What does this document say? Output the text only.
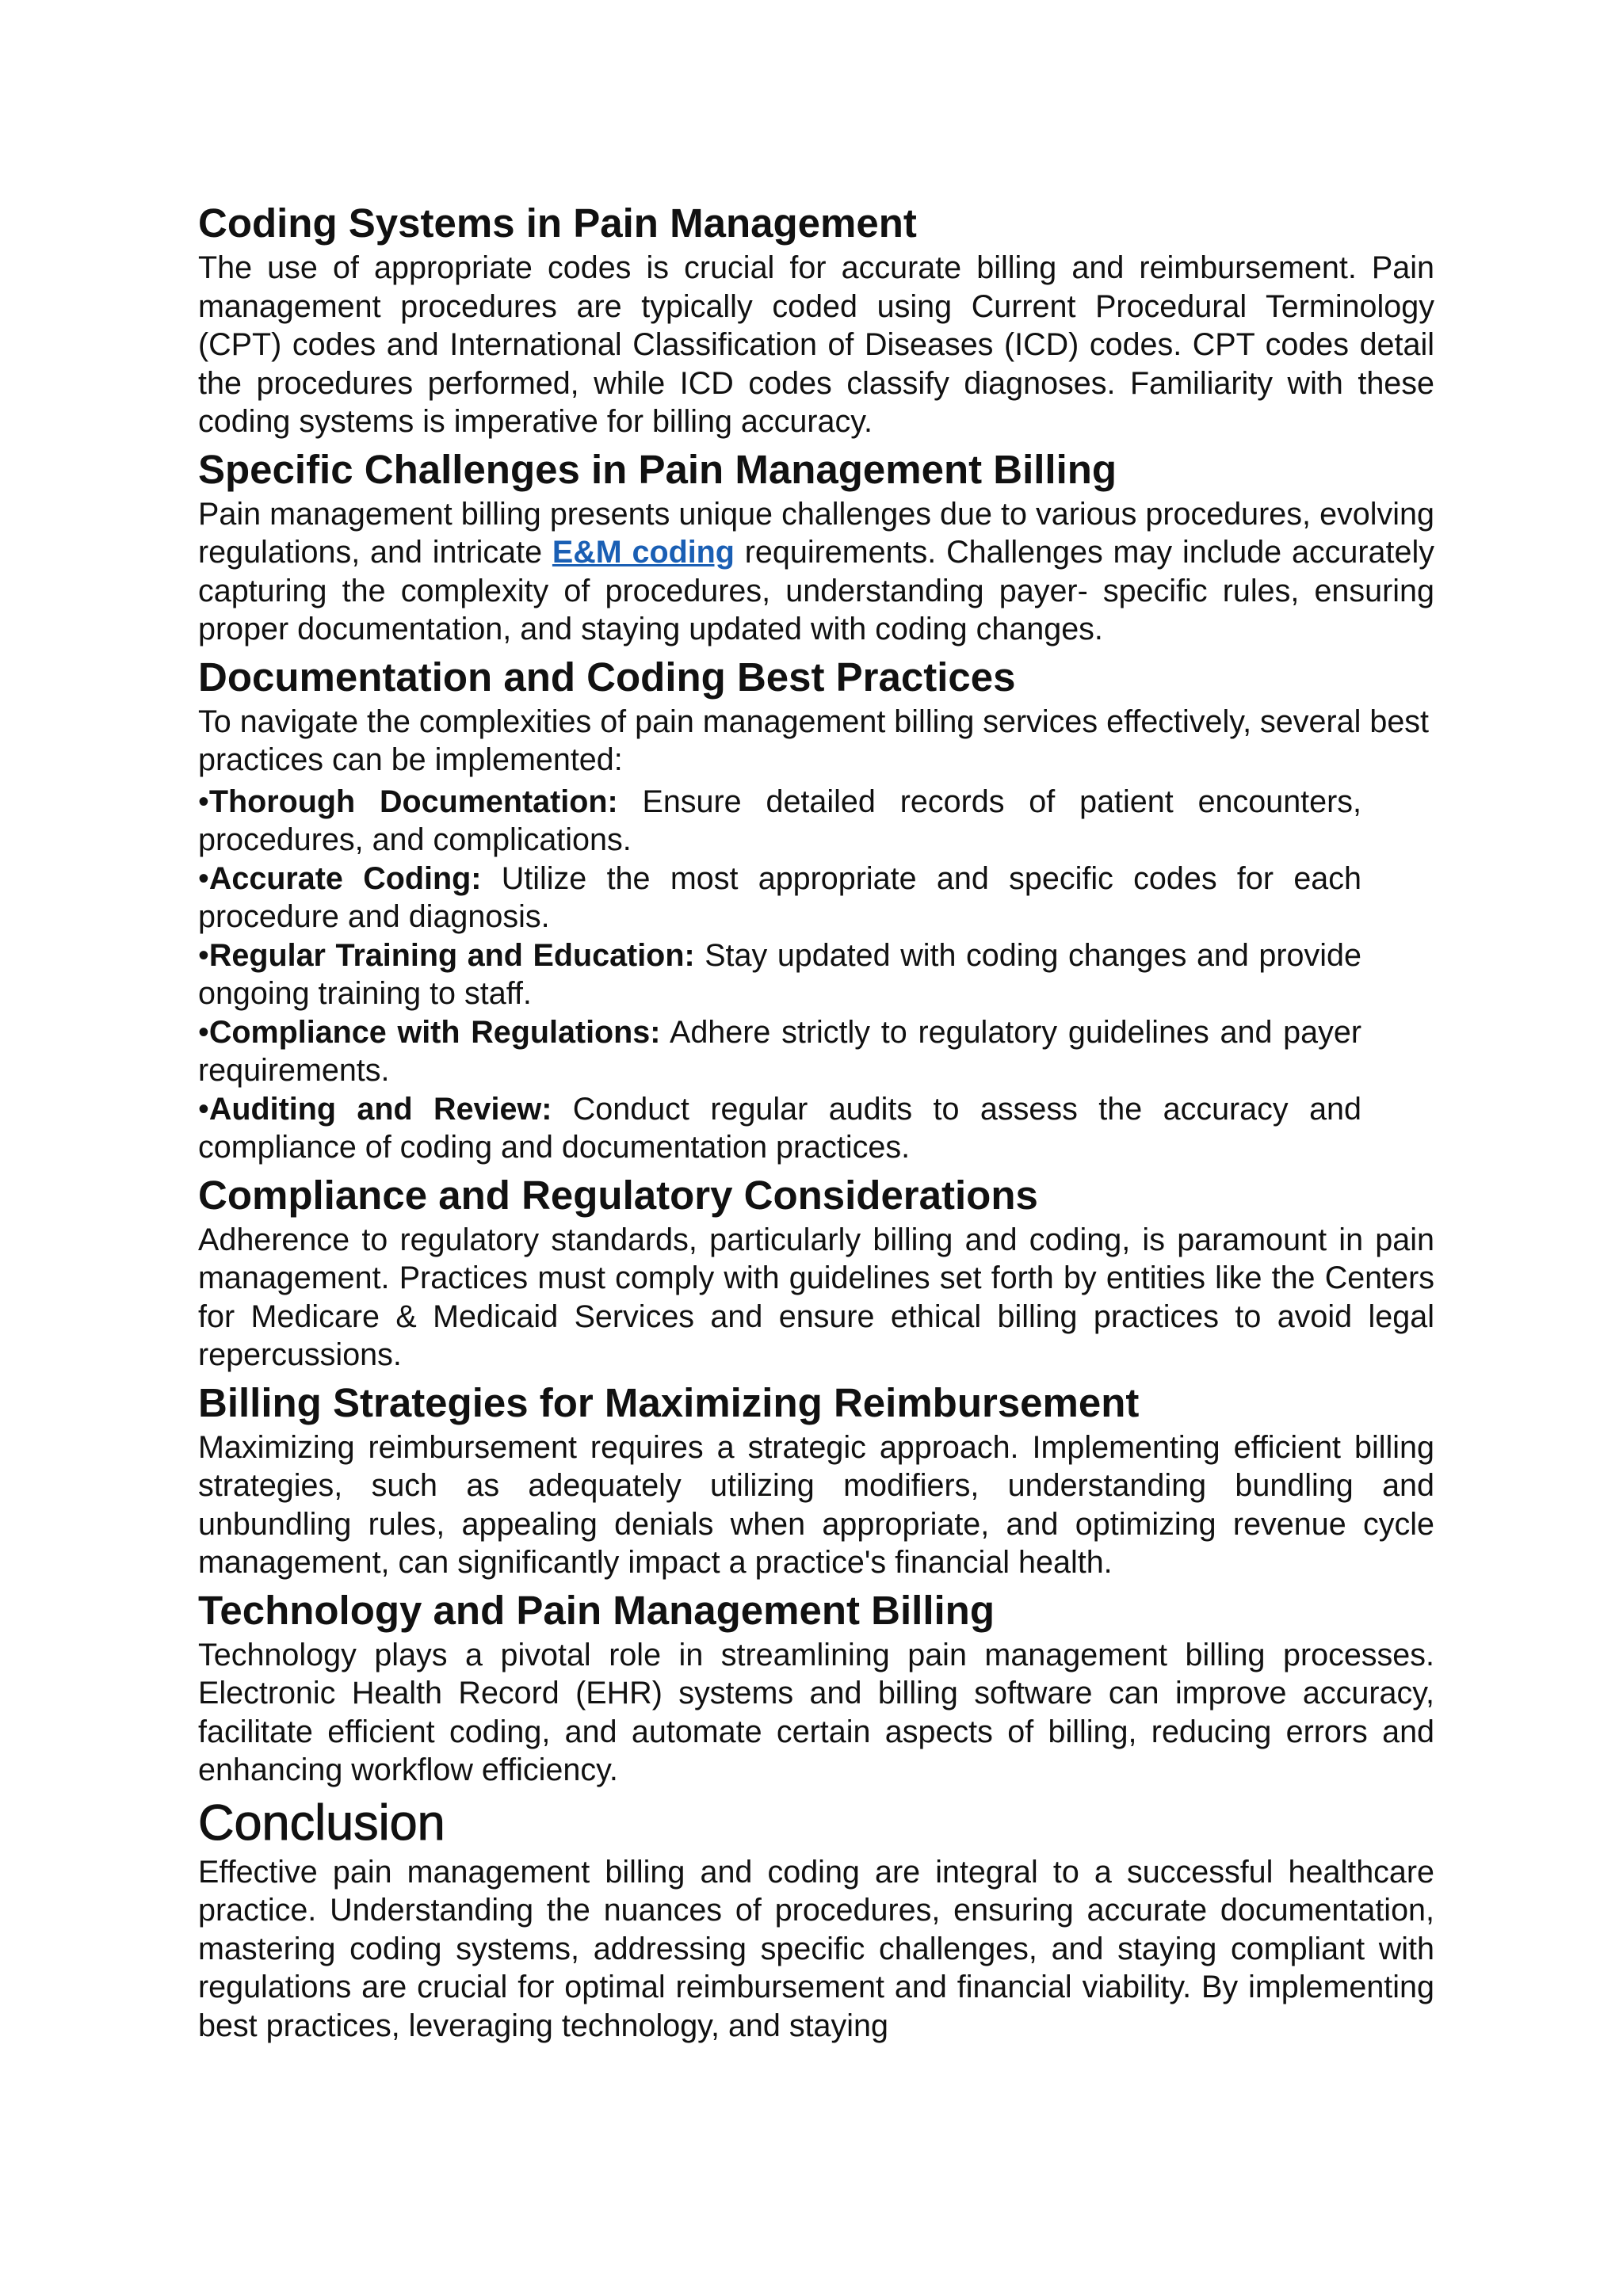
Coding Systems in Pain Management

The use of appropriate codes is crucial for accurate billing and reimbursement. Pain management procedures are typically coded using Current Procedural Terminology (CPT) codes and International Classification of Diseases (ICD) codes. CPT codes detail the procedures performed, while ICD codes classify diagnoses. Familiarity with these coding systems is imperative for billing accuracy.

Specific Challenges in Pain Management Billing

Pain management billing presents unique challenges due to various procedures, evolving regulations, and intricate E&M coding requirements. Challenges may include accurately capturing the complexity of procedures, understanding payer- specific rules, ensuring proper documentation, and staying updated with coding changes.

Documentation and Coding Best Practices

To navigate the complexities of pain management billing services effectively, several best practices can be implemented:

•Thorough Documentation: Ensure detailed records of patient encounters, procedures, and complications.
•Accurate Coding: Utilize the most appropriate and specific codes for each procedure and diagnosis.
•Regular Training and Education: Stay updated with coding changes and provide ongoing training to staff.
•Compliance with Regulations: Adhere strictly to regulatory guidelines and payer requirements.
•Auditing and Review: Conduct regular audits to assess the accuracy and compliance of coding and documentation practices.
Compliance and Regulatory Considerations

Adherence to regulatory standards, particularly billing and coding, is paramount in pain management. Practices must comply with guidelines set forth by entities like the Centers for Medicare & Medicaid Services and ensure ethical billing practices to avoid legal repercussions.

Billing Strategies for Maximizing Reimbursement

Maximizing reimbursement requires a strategic approach. Implementing efficient billing strategies, such as adequately utilizing modifiers, understanding bundling and unbundling rules, appealing denials when appropriate, and optimizing revenue cycle management, can significantly impact a practice's financial health.

Technology and Pain Management Billing

Technology plays a pivotal role in streamlining pain management billing processes. Electronic Health Record (EHR) systems and billing software can improve accuracy, facilitate efficient coding, and automate certain aspects of billing, reducing errors and enhancing workflow efficiency.

Conclusion

Effective pain management billing and coding are integral to a successful healthcare practice. Understanding the nuances of procedures, ensuring accurate documentation, mastering coding systems, addressing specific challenges, and staying compliant with regulations are crucial for optimal reimbursement and financial viability. By implementing best practices, leveraging technology, and staying
